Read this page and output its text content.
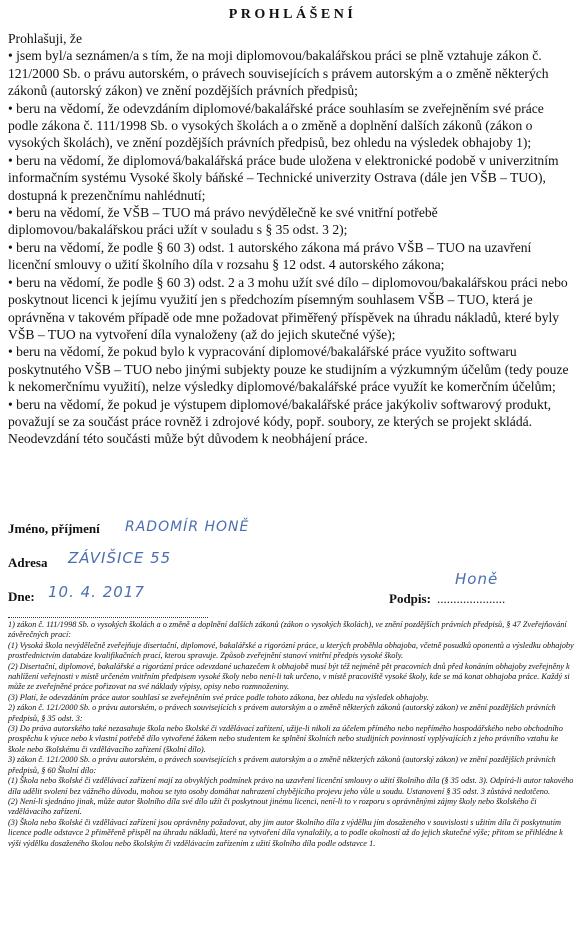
PROHLÁŠENÍ

Prohlašuji, že

• jsem byl/a seznámen/a s tím, že na moji diplomovou/bakalářskou práci se plně vztahuje zákon č. 121/2000 Sb. o právu autorském, o právech souvisejících s právem autorským a o změně některých zákonů (autorský zákon) ve znění pozdějších právních předpisů;

• beru na vědomí, že odevzdáním diplomové/bakalářské práce souhlasím se zveřejněním své práce podle zákona č. 111/1998 Sb. o vysokých školách a o změně a doplnění dalších zákonů (zákon o vysokých školách), ve znění pozdějších právních předpisů, bez ohledu na výsledek obhajoby 1);

• beru na vědomí, že diplomová/bakalářská práce bude uložena v elektronické podobě v univerzitním informačním systému Vysoké školy báňské – Technické univerzity Ostrava (dále jen VŠB – TUO), dostupná k prezenčnímu nahlédnutí;

• beru na vědomí, že VŠB – TUO má právo nevýdělečně ke své vnitřní potřebě diplomovou/bakalářskou práci užít v souladu s § 35 odst. 3 2);

• beru na vědomí, že podle § 60 3) odst. 1 autorského zákona má právo VŠB – TUO na uzavření licenční smlouvy o užití školního díla v rozsahu § 12 odst. 4 autorského zákona;

• beru na vědomí, že podle § 60 3) odst. 2 a 3 mohu užít své dílo – diplomovou/bakalářskou práci nebo poskytnout licenci k jejímu využití jen s předchozím písemným souhlasem VŠB – TUO, která je oprávněna v takovém případě ode mne požadovat přiměřený příspěvek na úhradu nákladů, které byly VŠB – TUO na vytvoření díla vynaloženy (až do jejich skutečné výše);

• beru na vědomí, že pokud bylo k vypracování diplomové/bakalářské práce využito softwaru poskytnutého VŠB – TUO nebo jinými subjekty pouze ke studijním a výzkumným účelům (tedy pouze k nekomerčnímu využití), nelze výsledky diplomové/bakalářské práce využít ke komerčním účelům;

• beru na vědomí, že pokud je výstupem diplomové/bakalářské práce jakýkoliv softwarový produkt, považují se za součást práce rovněž i zdrojové kódy, popř. soubory, ze kterých se projekt skládá. Neodevzdání této součásti může být důvodem k neobhájení práce.

Jméno, příjmení RADOMÍR HONĚ
Adresa ZÁVIŠICE 55
Dne: 10. 4. 2017	Podpis: .....................
Honě

1) zákon č. 111/1998 Sb. o vysokých školách a o změně a doplnění dalších zákonů (zákon o vysokých školách), ve znění pozdějších právních předpisů, § 47 Zveřejňování závěrečných prací:

(1) Vysoká škola nevýdělečně zveřejňuje disertační, diplomové, bakalářské a rigorózní práce, u kterých proběhla obhajoba, včetně posudků oponentů a výsledku obhajoby prostřednictvím databáze kvalifikačních prací, kterou spravuje. Způsob zveřejnění stanoví vnitřní předpis vysoké školy.

(2) Disertační, diplomové, bakalářské a rigorózní práce odevzdané uchazečem k obhajobě musí být též nejméně pět pracovních dnů před konáním obhajoby zveřejněny k nahlížení veřejnosti v místě určeném vnitřním předpisem vysoké školy nebo není-li tak určeno, v místě pracoviště vysoké školy, kde se má konat obhajoba práce. Každý si může ze zveřejněné práce pořizovat na své náklady výpisy, opisy nebo rozmnoženiny.

(3) Platí, že odevzdáním práce autor souhlasí se zveřejněním své práce podle tohoto zákona, bez ohledu na výsledek obhajoby.

2) zákon č. 121/2000 Sb. o právu autorském, o právech souvisejících s právem autorským a o změně některých zákonů (autorský zákon) ve znění pozdějších právních předpisů, § 35 odst. 3:

(3) Do práva autorského také nezasahuje škola nebo školské či vzdělávací zařízení, užije-li nikoli za účelem přímého nebo nepřímého hospodářského nebo obchodního prospěchu k výuce nebo k vlastní potřebě dílo vytvořené žákem nebo studentem ke splnění školních nebo studijních povinností vyplývajících z jeho právního vztahu ke škole nebo školskému či vzdělávacího zařízení (školní dílo).

3) zákon č. 121/2000 Sb. o právu autorském, o právech souvisejících s právem autorským a o změně některých zákonů (autorský zákon) ve znění pozdějších právních předpisů, § 60 Školní dílo:

(1) Škola nebo školské či vzdělávací zařízení mají za obvyklých podmínek právo na uzavření licenční smlouvy o užití školního díla (§ 35 odst. 3). Odpírá-li autor takového díla udělit svolení bez vážného důvodu, mohou se tyto osoby domáhat nahrazení chybějícího projevu jeho vůle u soudu. Ustanovení § 35 odst. 3 zůstává nedotčeno.

(2) Není-li sjednáno jinak, může autor školního díla své dílo užít či poskytnout jinému licenci, není-li to v rozporu s oprávněnými zájmy školy nebo školského či vzdělávacího zařízení.

(3) Škola nebo školské či vzdělávací zařízení jsou oprávněny požadovat, aby jim autor školního díla z výdělku jím dosaženého v souvislosti s užitím díla či poskytnutím licence podle odstavce 2 přiměřeně přispěl na úhradu nákladů, které na vytvoření díla vynaložily, a to podle okolností až do jejich skutečné výše; přitom se přihlédne k výši výdělku dosaženého školou nebo školským či vzdělávacím zařízením z užití školního díla podle odstavce 1.
